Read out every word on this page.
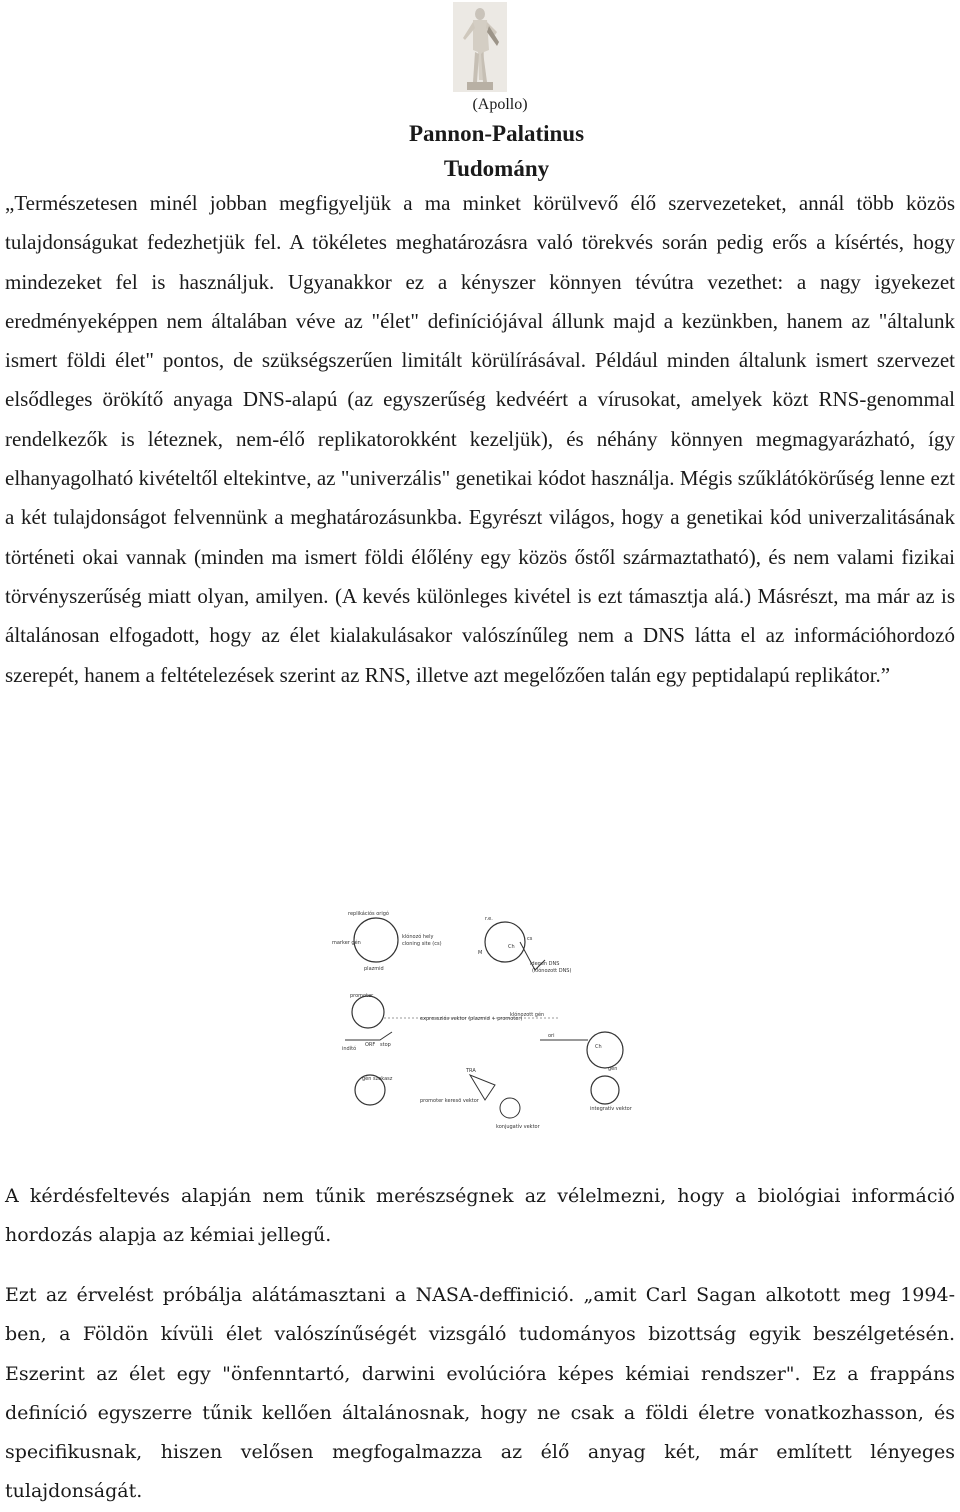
(Apollo)
Pannon-Palatinus
Tudomány
„Természetesen minél jobban megfigyeljük a ma minket körülvevő élő szervezeteket, annál több közös tulajdonságukat fedezhetjük fel. A tökéletes meghatározásra való törekvés során pedig erős a kísértés, hogy mindezeket fel is használjuk. Ugyanakkor ez a kényszer könnyen tévútra vezethet: a nagy igyekezet eredményeképpen nem általában véve az "élet" definíciójával állunk majd a kezünkben, hanem az "általunk ismert földi élet" pontos, de szükségszerűen limitált körülírásával. Például minden általunk ismert szervezet elsődleges örökítő anyaga DNS-alapú (az egyszerűség kedvéért a vírusokat, amelyek közt RNS-genommal rendelkezők is léteznek, nem-élő replikatorokként kezeljük), és néhány könnyen megmagyarázható, így elhanyagolható kivételtől eltekintve, az "univerzális" genetikai kódot használja. Mégis szűklátókörűség lenne ezt a két tulajdonságot felvennünk a meghatározásunkba. Egyrészt világos, hogy a genetikai kód univerzalitásának történeti okai vannak (minden ma ismert földi élőlény egy közös őstől származtatható), és nem valami fizikai törvényszerűség miatt olyan, amilyen. (A kevés különleges kivétel is ezt támasztja alá.) Másrészt, ma már az is általánosan elfogadott, hogy az élet kialakulásakor valószínűleg nem a DNS látta el az információhordozó szerepét, hanem a feltételezések szerint az RNS, illetve azt megelőzően talán egy peptidalapú replikátor.”
replikációs origó
marker gén
klónozó hely
cloning site (cs)
plazmid
r.e.
cs
Ch
M
idegen DNS
(klónozott DNS)
promoter
expressziós vektor (plazmid + promoter)
klónozott gén
indító
ORF stop
ori
Ch
gén
gén szakasz
TRA
promoter keresö vektor
konjugatív vektor
integratív vektor
A kérdésfeltevés alapján nem tűnik merészségnek az vélelmezni, hogy a biológiai információ hordozás alapja az kémiai jellegű.
Ezt az érvelést próbálja alátámasztani a NASA-deffinició. „amit Carl Sagan alkotott meg 1994-ben, a Földön kívüli élet valószínűségét vizsgáló tudományos bizottság egyik beszélgetésén. Eszerint az élet egy "önfenntartó, darwini evolúcióra képes kémiai rendszer". Ez a frappáns definíció egyszerre tűnik kellően általánosnak, hogy ne csak a földi életre vonatkozhasson, és specifikusnak, hiszen velősen megfogalmazza az élő anyag két, már említett lényeges tulajdonságát.
